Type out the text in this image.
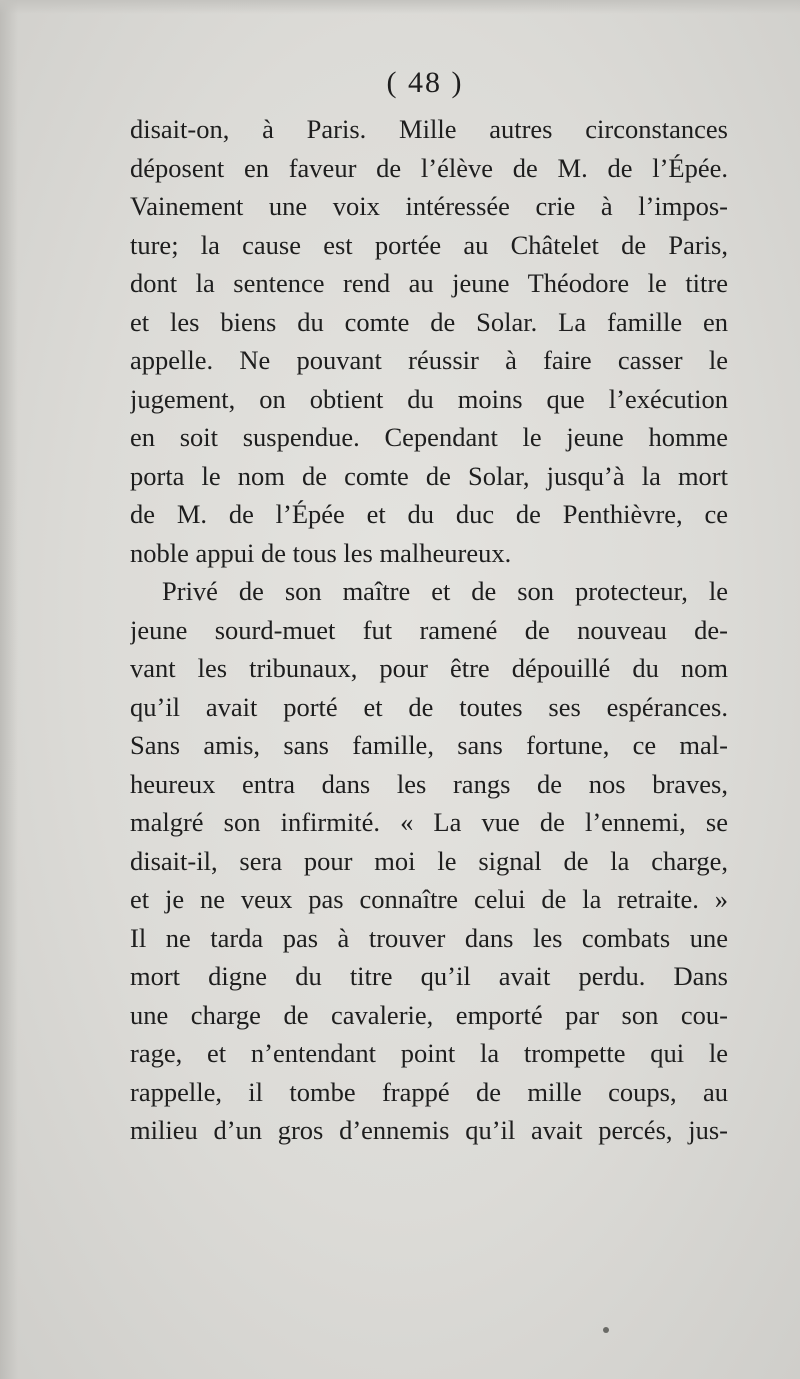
( 48 )
disait-on, à Paris. Mille autres circonstances
déposent en faveur de l’élève de M. de l’Épée.
Vainement une voix intéressée crie à l’impos-
ture; la cause est portée au Châtelet de Paris,
dont la sentence rend au jeune Théodore le titre
et les biens du comte de Solar. La famille en
appelle. Ne pouvant réussir à faire casser le
jugement, on obtient du moins que l’exécution
en soit suspendue. Cependant le jeune homme
porta le nom de comte de Solar, jusqu’à la mort
de M. de l’Épée et du duc de Penthièvre, ce
noble appui de tous les malheureux.
Privé de son maître et de son protecteur, le
jeune sourd-muet fut ramené de nouveau de-
vant les tribunaux, pour être dépouillé du nom
qu’il avait porté et de toutes ses espérances.
Sans amis, sans famille, sans fortune, ce mal-
heureux entra dans les rangs de nos braves,
malgré son infirmité. « La vue de l’ennemi, se
disait-il, sera pour moi le signal de la charge,
et je ne veux pas connaître celui de la retraite. »
Il ne tarda pas à trouver dans les combats une
mort digne du titre qu’il avait perdu. Dans
une charge de cavalerie, emporté par son cou-
rage, et n’entendant point la trompette qui le
rappelle, il tombe frappé de mille coups, au
milieu d’un gros d’ennemis qu’il avait percés, jus-
